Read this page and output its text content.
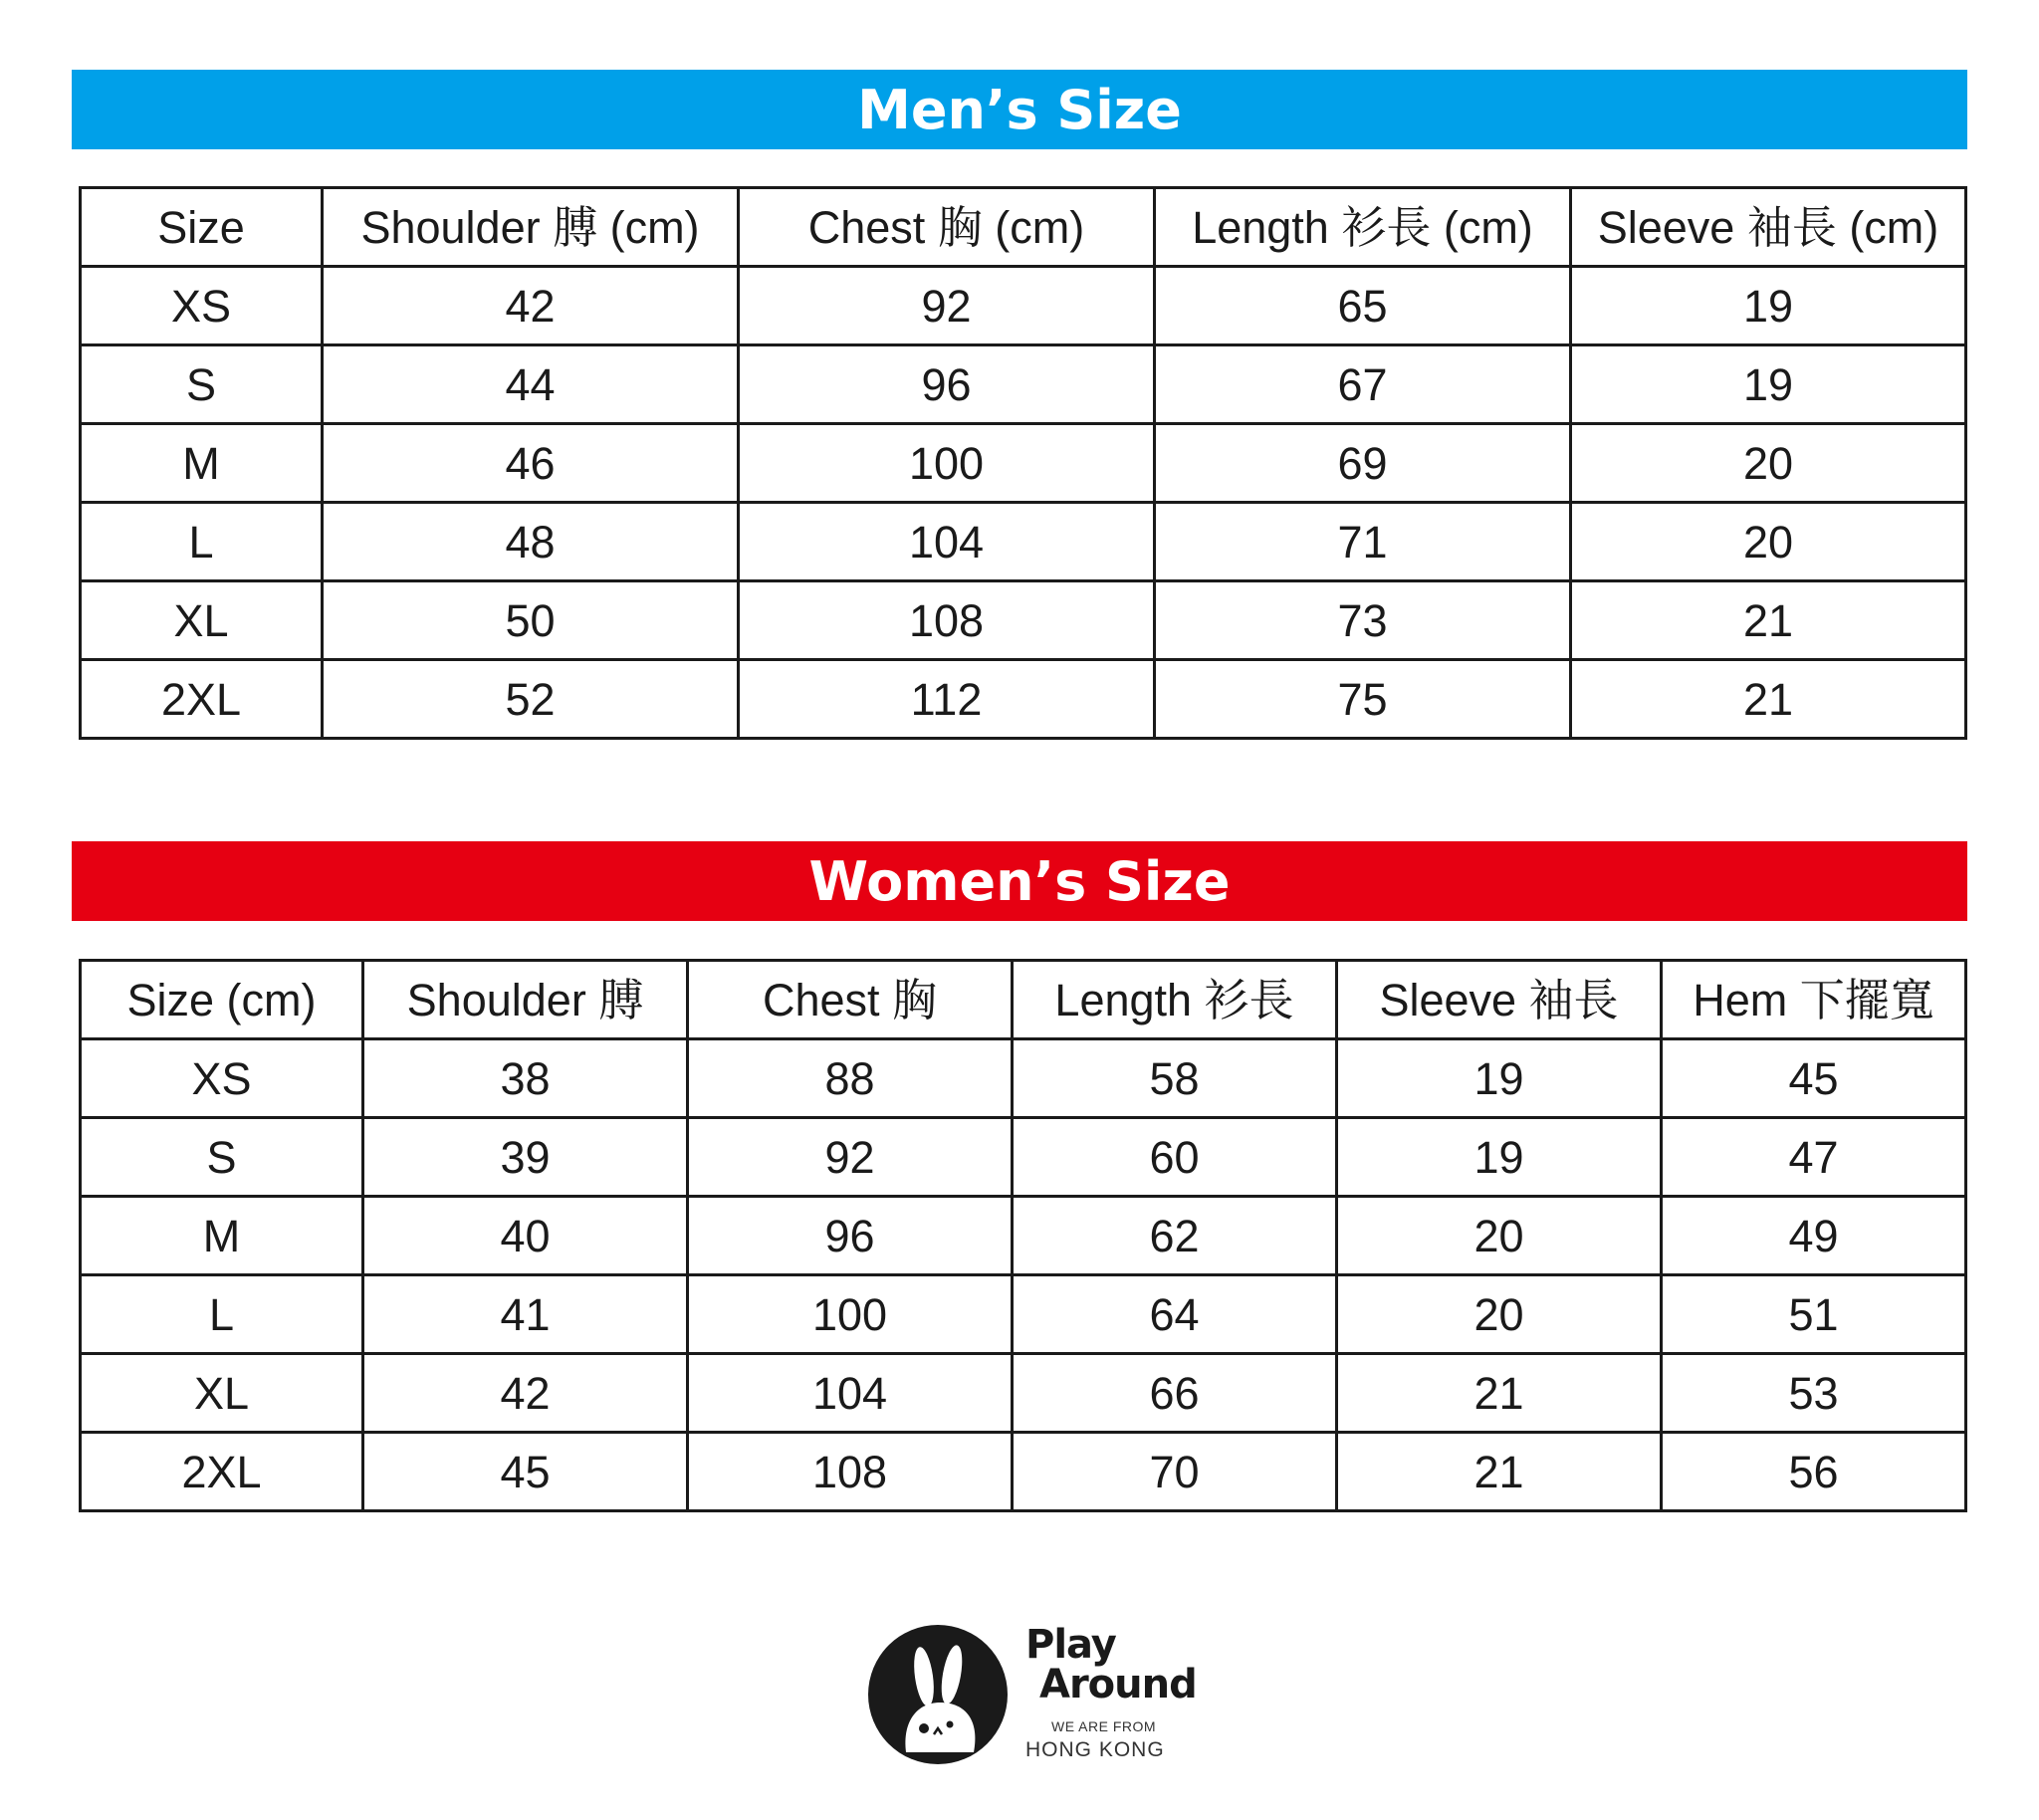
Men’s Size
Size	Shoulder 膊 (cm)	Chest 胸 (cm)	Length 衫長 (cm)	Sleeve 袖長 (cm)
XS	42	92	65	19
S	44	96	67	19
M	46	100	69	20
L	48	104	71	20
XL	50	108	73	21
2XL	52	112	75	21
Women’s Size
Size (cm)	Shoulder 膊	Chest 胸	Length 衫長	Sleeve 袖長	Hem 下擺寬
XS	38	88	58	19	45
S	39	92	60	19	47
M	40	96	62	20	49
L	41	100	64	20	51
XL	42	104	66	21	53
2XL	45	108	70	21	56
Play
Around
WE ARE FROM
HONG KONG
